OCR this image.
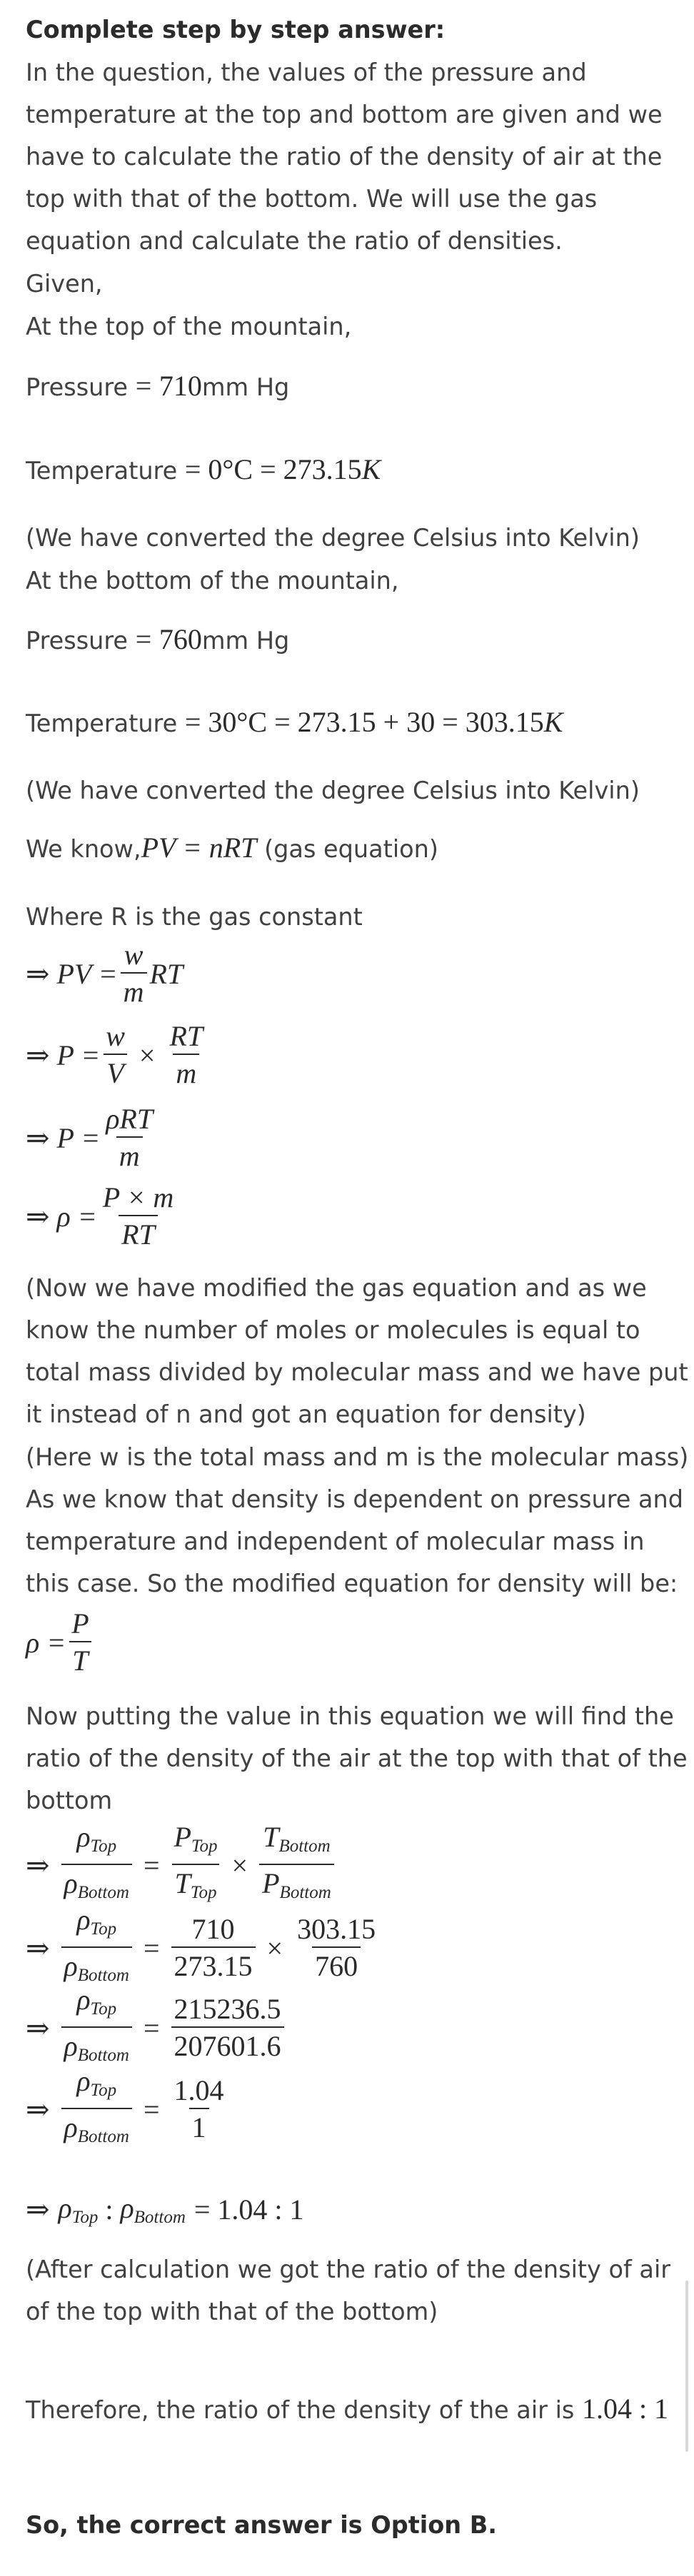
Complete step by step answer:
In the question, the values of the pressure and
temperature at the top and bottom are given and we
have to calculate the ratio of the density of air at the
top with that of the bottom. We will use the gas
equation and calculate the ratio of densities.
Given,
At the top of the mountain,
Pressure = 710mm Hg
Temperature = 0°C = 273.15K
(We have converted the degree Celsius into Kelvin)
At the bottom of the mountain,
Pressure = 760mm Hg
Temperature = 30°C = 273.15 + 30 = 303.15K
(We have converted the degree Celsius into Kelvin)
We know,PV = nRT (gas equation)
Where R is the gas constant
⇒ PV = $\frac{w}{m}$ RT
⇒ $P = \frac{w}{V} \times \frac{RT}{m}$
⇒ $P = \frac{\text{ρRT}}{m}$
⇒ $\rho = \frac{P \times m}{RT}$
(Now we have modified the gas equation and as we
know the number of moles or molecules is equal to
total mass divided by molecular mass and we have put
it instead of n and got an equation for density)
(Here w is the total mass and m is the molecular mass)
As we know that density is dependent on pressure and
temperature and independent of molecular mass in
this case. So the modified equation for density will be:
$\rho = \frac{P}{T}$
Now putting the value in this equation we will find the
ratio of the density of the air at the top with that of the
bottom
⇒ $\frac{\rho_{Top}}{\rho_{Bottom}} = \frac{P_{Top}}{T_{Top}} \times \frac{T_{Bottom}}{P_{Bottom}}$
⇒ $\frac{\rho_{Top}}{\rho_{Bottom}} = \frac{710}{273.15} \times \frac{303.15}{760}$
⇒ $\frac{\rho_{Top}}{\rho_{Bottom}} = \frac{215236.5}{207601.6}$
⇒ $\frac{\rho_{Top}}{\rho_{Bottom}} = \frac{1.04}{1}$
⇒ $\rho_{Top}$ : $\rho_{Bottom} = 1.04$ : 1
(After calculation we got the ratio of the density of air
of the top with that of the bottom)
Therefore, the ratio of the density of the air is 1.04 : 1
So, the correct answer is Option B.
